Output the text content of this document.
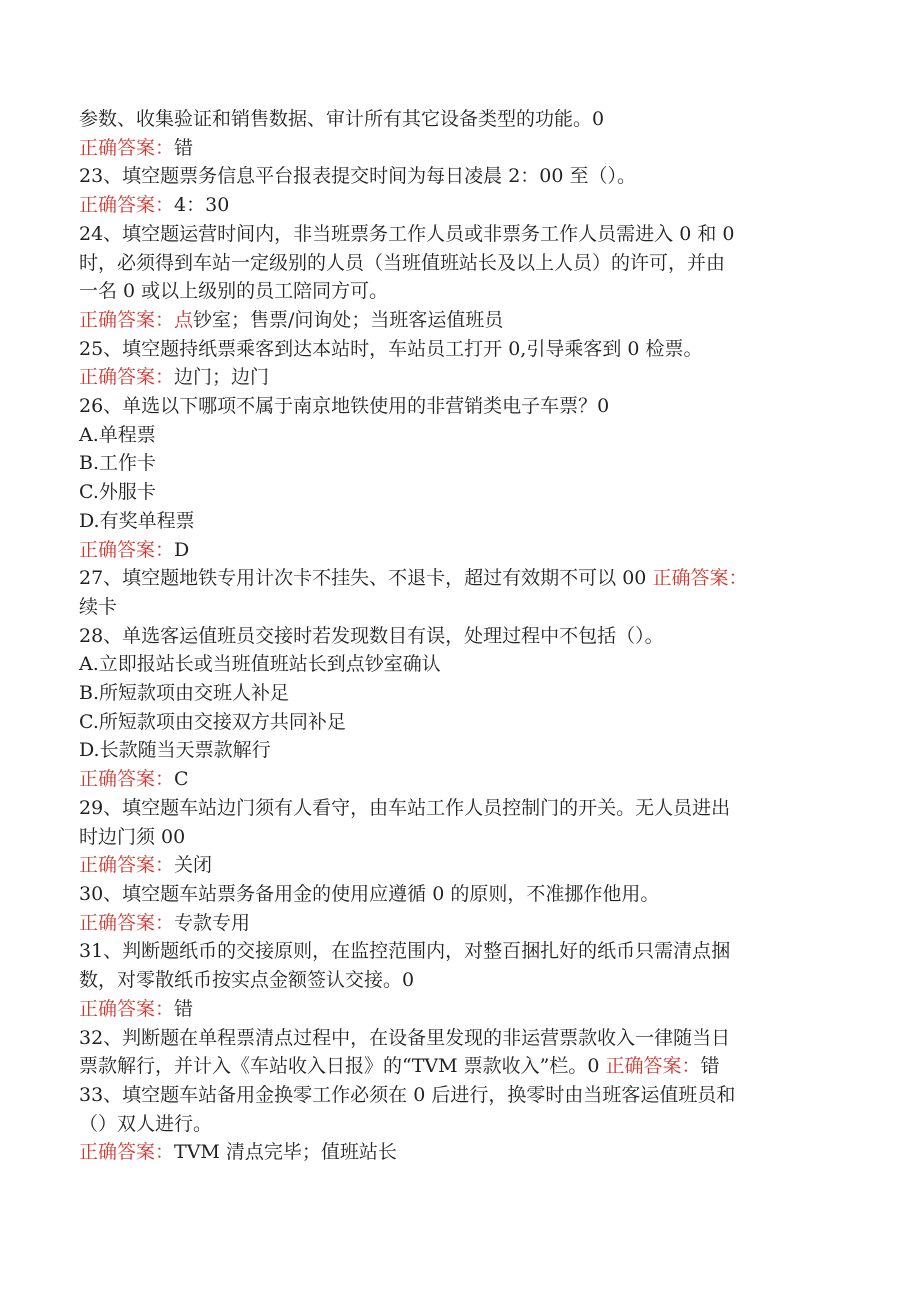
参数、收集验证和销售数据、审计所有其它设备类型的功能。0
正确答案：错
23、填空题票务信息平台报表提交时间为每日凌晨 2：00 至（）。
正确答案：4：30
24、填空题运营时间内，非当班票务工作人员或非票务工作人员需进入 0 和 0
时，必须得到车站一定级别的人员（当班值班站长及以上人员）的许可，并由
一名 0 或以上级别的员工陪同方可。
正确答案：点钞室；售票/问询处；当班客运值班员
25、填空题持纸票乘客到达本站时，车站员工打开 0,引导乘客到 0 检票。
正确答案：边门；边门
26、单选以下哪项不属于南京地铁使用的非营销类电子车票？0
A.单程票
B.工作卡
C.外服卡
D.有奖单程票
正确答案：D
27、填空题地铁专用计次卡不挂失、不退卡，超过有效期不可以 00 正确答案：
续卡
28、单选客运值班员交接时若发现数目有误，处理过程中不包括（）。
A.立即报站长或当班值班站长到点钞室确认
B.所短款项由交班人补足
C.所短款项由交接双方共同补足
D.长款随当天票款解行
正确答案：C
29、填空题车站边门须有人看守，由车站工作人员控制门的开关。无人员进出
时边门须 00
正确答案：关闭
30、填空题车站票务备用金的使用应遵循 0 的原则，不准挪作他用。
正确答案：专款专用
31、判断题纸币的交接原则，在监控范围内，对整百捆扎好的纸币只需清点捆
数，对零散纸币按实点金额签认交接。0
正确答案：错
32、判断题在单程票清点过程中，在设备里发现的非运营票款收入一律随当日
票款解行，并计入《车站收入日报》的“TVM 票款收入”栏。0 正确答案：错
33、填空题车站备用金换零工作必须在 0 后进行，换零时由当班客运值班员和
（）双人进行。
正确答案：TVM 清点完毕；值班站长
